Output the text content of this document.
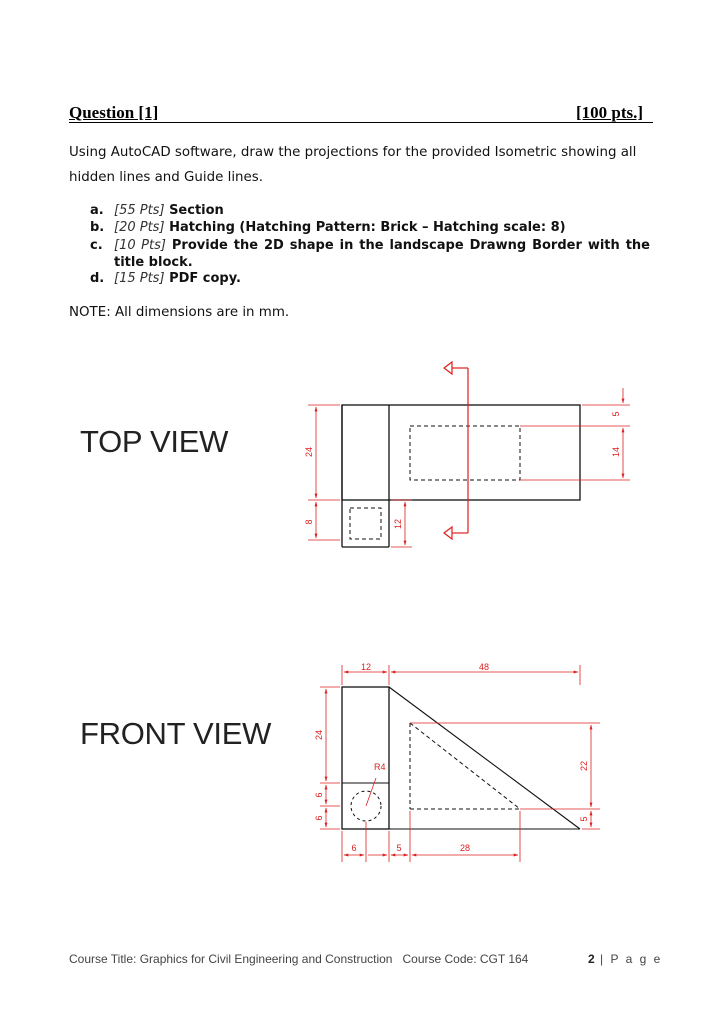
Question [1]	[100 pts.]
Using AutoCAD software, draw the projections for the provided Isometric showing all hidden lines and Guide lines.
a. [55 Pts] Section
b. [20 Pts] Hatching (Hatching Pattern: Brick – Hatching scale: 8)
c. [10 Pts] Provide the 2D shape in the landscape Drawng Border with the title block.
d. [15 Pts] PDF copy.
NOTE: All dimensions are in mm.
TOP VIEW
FRONT VIEW
24
8	12
5
14
12	48
24
6
6
R4	22
5
6	5	28
Course Title: Graphics for Civil Engineering and Construction Course Code: CGT 164	2 | P a g e
